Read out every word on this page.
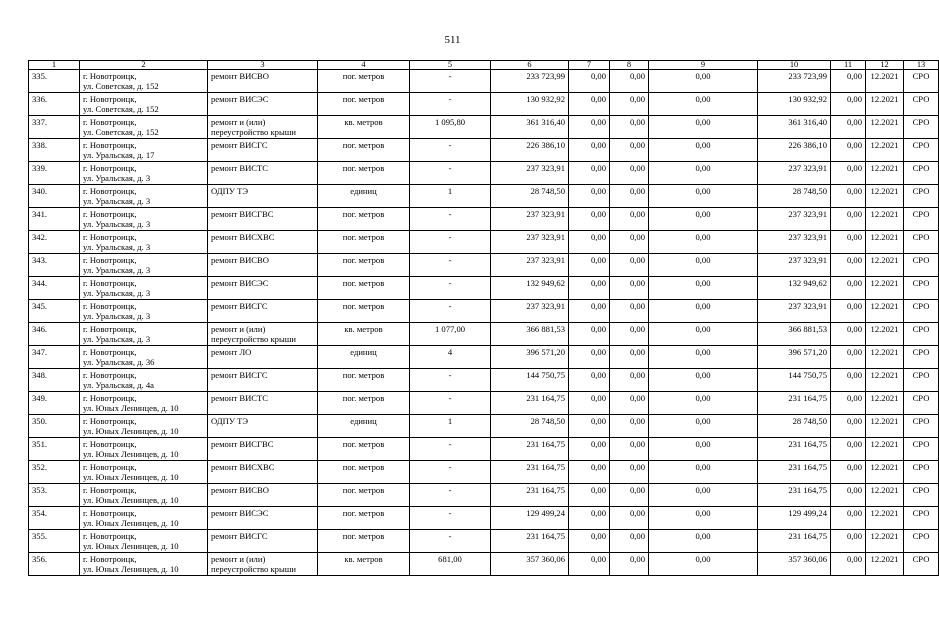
511
1	2	3	4	5	6	7	8	9	10	11	12	13
335.	г. Новотроицк,
ул. Советская, д. 152	ремонт ВИСВО	пог. метров	-	233 723,99	0,00	0,00	0,00	233 723,99	0,00	12.2021	СРО
336.	г. Новотроицк,
ул. Советская, д. 152	ремонт ВИСЭС	пог. метров	-	130 932,92	0,00	0,00	0,00	130 932,92	0,00	12.2021	СРО
337.	г. Новотроицк,
ул. Советская, д. 152	ремонт и (или)
переустройство крыши	кв. метров	1 095,80	361 316,40	0,00	0,00	0,00	361 316,40	0,00	12.2021	СРО
338.	г. Новотроицк,
ул. Уральская, д. 17	ремонт ВИСГС	пог. метров	-	226 386,10	0,00	0,00	0,00	226 386,10	0,00	12.2021	СРО
339.	г. Новотроицк,
ул. Уральская, д. 3	ремонт ВИСТС	пог. метров	-	237 323,91	0,00	0,00	0,00	237 323,91	0,00	12.2021	СРО
340.	г. Новотроицк,
ул. Уральская, д. 3	ОДПУ ТЭ	единиц	1	28 748,50	0,00	0,00	0,00	28 748,50	0,00	12.2021	СРО
341.	г. Новотроицк,
ул. Уральская, д. 3	ремонт ВИСГВС	пог. метров	-	237 323,91	0,00	0,00	0,00	237 323,91	0,00	12.2021	СРО
342.	г. Новотроицк,
ул. Уральская, д. 3	ремонт ВИСХВС	пог. метров	-	237 323,91	0,00	0,00	0,00	237 323,91	0,00	12.2021	СРО
343.	г. Новотроицк,
ул. Уральская, д. 3	ремонт ВИСВО	пог. метров	-	237 323,91	0,00	0,00	0,00	237 323,91	0,00	12.2021	СРО
344.	г. Новотроицк,
ул. Уральская, д. 3	ремонт ВИСЭС	пог. метров	-	132 949,62	0,00	0,00	0,00	132 949,62	0,00	12.2021	СРО
345.	г. Новотроицк,
ул. Уральская, д. 3	ремонт ВИСГС	пог. метров	-	237 323,91	0,00	0,00	0,00	237 323,91	0,00	12.2021	СРО
346.	г. Новотроицк,
ул. Уральская, д. 3	ремонт и (или)
переустройство крыши	кв. метров	1 077,00	366 881,53	0,00	0,00	0,00	366 881,53	0,00	12.2021	СРО
347.	г. Новотроицк,
ул. Уральская, д. 36	ремонт ЛО	единиц	4	396 571,20	0,00	0,00	0,00	396 571,20	0,00	12.2021	СРО
348.	г. Новотроицк,
ул. Уральская, д. 4а	ремонт ВИСГС	пог. метров	-	144 750,75	0,00	0,00	0,00	144 750,75	0,00	12.2021	СРО
349.	г. Новотроицк,
ул. Юных Ленинцев, д. 10	ремонт ВИСТС	пог. метров	-	231 164,75	0,00	0,00	0,00	231 164,75	0,00	12.2021	СРО
350.	г. Новотроицк,
ул. Юных Ленинцев, д. 10	ОДПУ ТЭ	единиц	1	28 748,50	0,00	0,00	0,00	28 748,50	0,00	12.2021	СРО
351.	г. Новотроицк,
ул. Юных Ленинцев, д. 10	ремонт ВИСГВС	пог. метров	-	231 164,75	0,00	0,00	0,00	231 164,75	0,00	12.2021	СРО
352.	г. Новотроицк,
ул. Юных Ленинцев, д. 10	ремонт ВИСХВС	пог. метров	-	231 164,75	0,00	0,00	0,00	231 164,75	0,00	12.2021	СРО
353.	г. Новотроицк,
ул. Юных Ленинцев, д. 10	ремонт ВИСВО	пог. метров	-	231 164,75	0,00	0,00	0,00	231 164,75	0,00	12.2021	СРО
354.	г. Новотроицк,
ул. Юных Ленинцев, д. 10	ремонт ВИСЭС	пог. метров	-	129 499,24	0,00	0,00	0,00	129 499,24	0,00	12.2021	СРО
355.	г. Новотроицк,
ул. Юных Ленинцев, д. 10	ремонт ВИСГС	пог. метров	-	231 164,75	0,00	0,00	0,00	231 164,75	0,00	12.2021	СРО
356.	г. Новотроицк,
ул. Юных Ленинцев, д. 10	ремонт и (или)
переустройство крыши	кв. метров	681,00	357 360,06	0,00	0,00	0,00	357 360,06	0,00	12.2021	СРО
